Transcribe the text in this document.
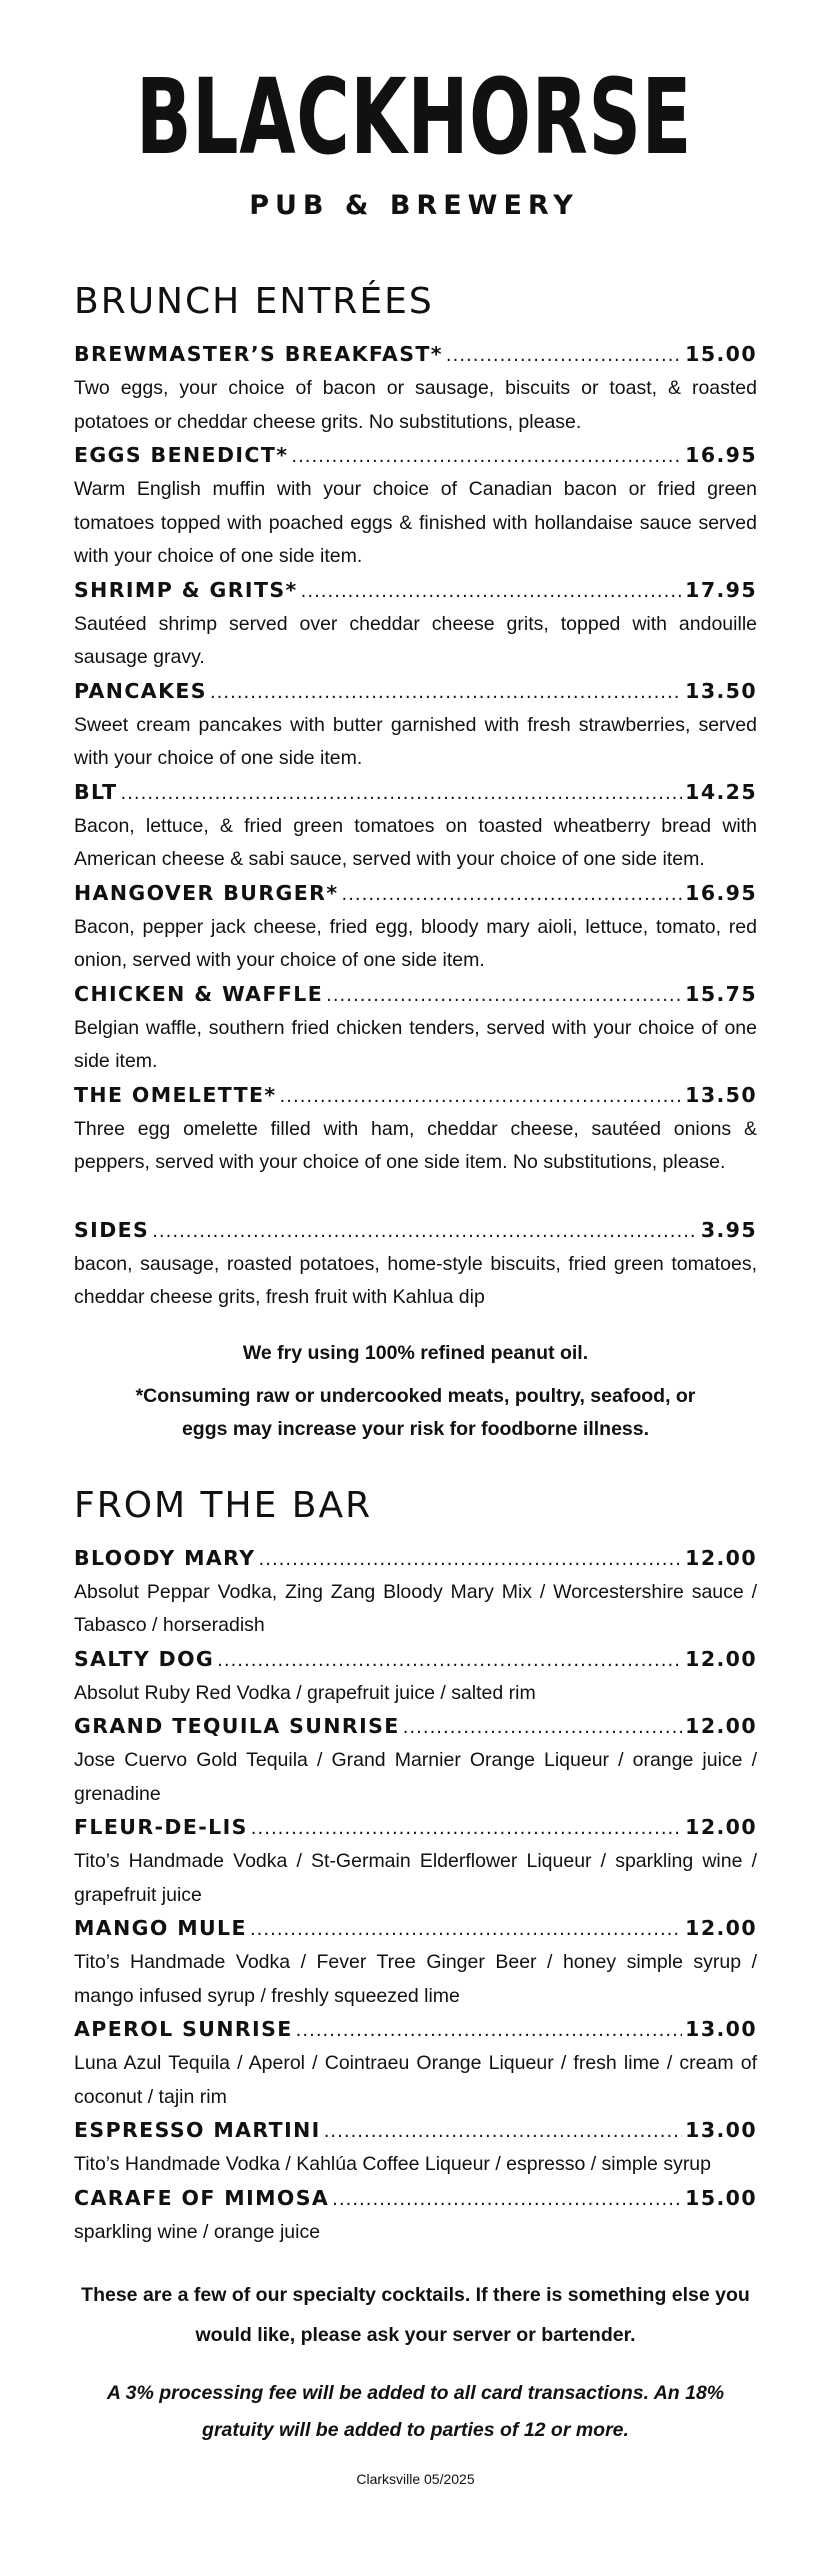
BLACKHORSE
PUB & BREWERY
BRUNCH ENTRÉES
BREWMASTER’S BREAKFAST* .....	15.00
Two eggs, your choice of bacon or sausage, biscuits or toast, & roasted potatoes or cheddar cheese grits. No substitutions, please.
EGGS BENEDICT* .....	16.95
Warm English muffin with your choice of Canadian bacon or fried green tomatoes topped with poached eggs & finished with hollandaise sauce served with your choice of one side item.
SHRIMP & GRITS* .....	17.95
Sautéed shrimp served over cheddar cheese grits, topped with andouille sausage gravy.
PANCAKES .....	13.50
Sweet cream pancakes with butter garnished with fresh strawberries, served with your choice of one side item.
BLT .....	14.25
Bacon, lettuce, & fried green tomatoes on toasted wheatberry bread with American cheese & sabi sauce, served with your choice of one side item.
HANGOVER BURGER* .....	16.95
Bacon, pepper jack cheese, fried egg, bloody mary aioli, lettuce, tomato, red onion, served with your choice of one side item.
CHICKEN & WAFFLE .....	15.75
Belgian waffle, southern fried chicken tenders, served with your choice of one side item.
THE OMELETTE* .....	13.50
Three egg omelette filled with ham, cheddar cheese, sautéed onions & peppers, served with your choice of one side item. No substitutions, please.
SIDES .....	3.95
bacon, sausage, roasted potatoes, home-style biscuits, fried green tomatoes, cheddar cheese grits, fresh fruit with Kahlua dip
We fry using 100% refined peanut oil.
*Consuming raw or undercooked meats, poultry, seafood, or eggs may increase your risk for foodborne illness.
FROM THE BAR
BLOODY MARY .....	12.00
Absolut Peppar Vodka, Zing Zang Bloody Mary Mix / Worcestershire sauce / Tabasco / horseradish
SALTY DOG .....	12.00
Absolut Ruby Red Vodka / grapefruit juice / salted rim
GRAND TEQUILA SUNRISE .....	12.00
Jose Cuervo Gold Tequila / Grand Marnier Orange Liqueur / orange juice / grenadine
FLEUR-DE-LIS .....	12.00
Tito’s Handmade Vodka / St-Germain Elderflower Liqueur / sparkling wine / grapefruit juice
MANGO MULE .....	12.00
Tito’s Handmade Vodka / Fever Tree Ginger Beer / honey simple syrup / mango infused syrup / freshly squeezed lime
APEROL SUNRISE .....	13.00
Luna Azul Tequila / Aperol / Cointraeu Orange Liqueur / fresh lime / cream of coconut / tajin rim
ESPRESSO MARTINI .....	13.00
Tito’s Handmade Vodka / Kahlúa Coffee Liqueur / espresso / simple syrup
CARAFE OF MIMOSA .....	15.00
sparkling wine / orange juice
These are a few of our specialty cocktails. If there is something else you would like, please ask your server or bartender.
A 3% processing fee will be added to all card transactions. An 18% gratuity will be added to parties of 12 or more.
Clarksville 05/2025
